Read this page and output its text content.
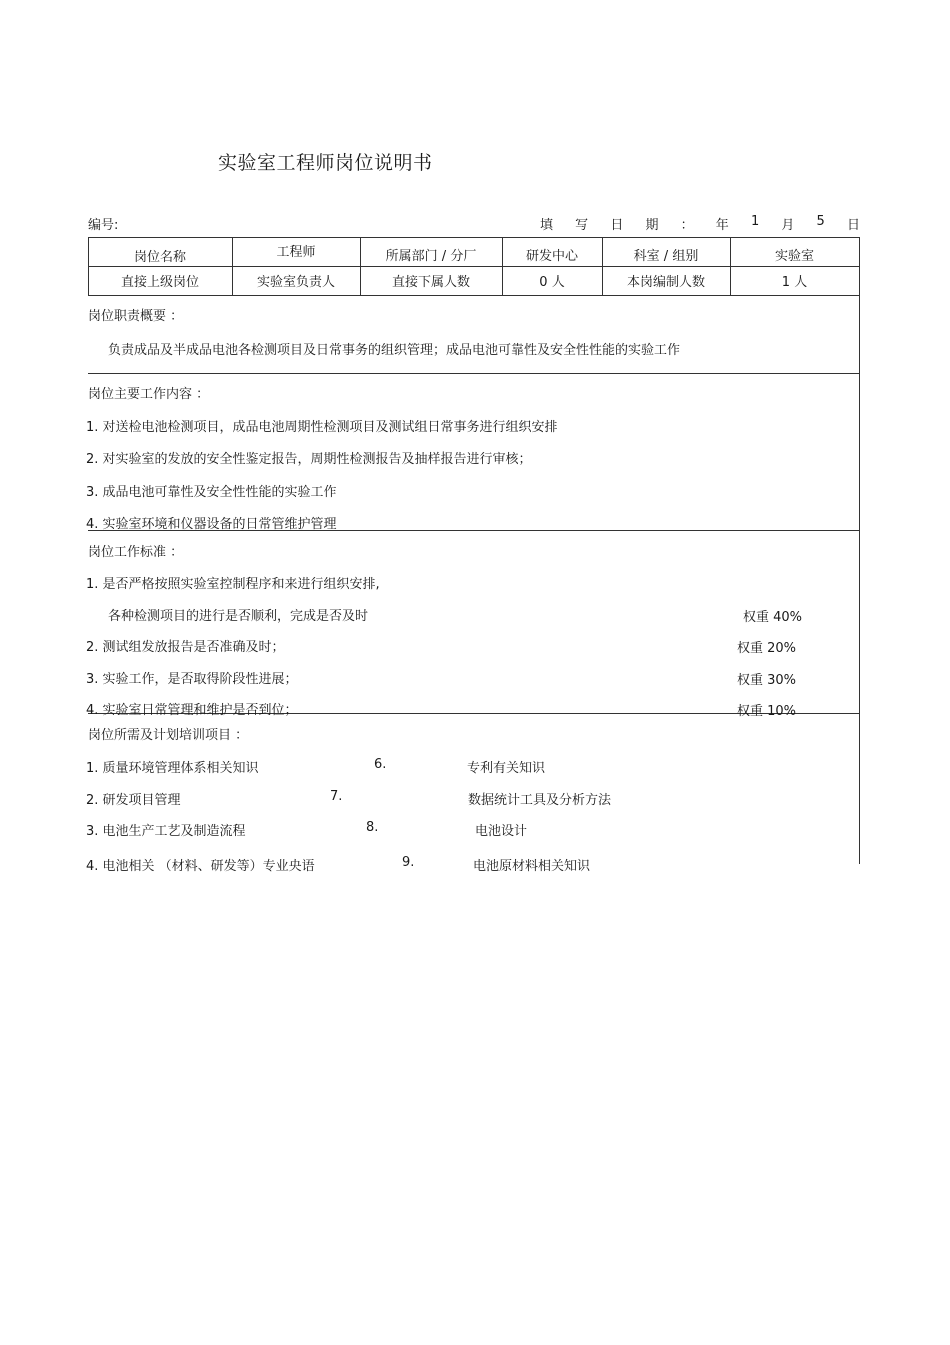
实验室工程师岗位说明书
编号:	填 写 日 期 ： 年 1 月 5 日
岗位名称	工程师	所属部门 / 分厂	研发中心	科室 / 组别	实验室
直接上级岗位	实验室负责人	直接下属人数	0 人	本岗编制人数	1 人
岗位职责概要 ：
负责成品及半成品电池各检测项目及日常事务的组织管理；成品电池可靠性及安全性性能的实验工作
岗位主要工作内容 ：
1. 对送检电池检测项目，成品电池周期性检测项目及测试组日常事务进行组织安排
2. 对实验室的发放的安全性鉴定报告，周期性检测报告及抽样报告进行审核；
3. 成品电池可靠性及安全性性能的实验工作
4. 实验室环境和仪器设备的日常管维护管理
岗位工作标准 ：
1. 是否严格按照实验室控制程序和来进行组织安排,
各种检测项目的进行是否顺利，完成是否及时	权重 40%
2. 测试组发放报告是否准确及时；	权重 20%
3. 实验工作，是否取得阶段性进展；	权重 30%
4. 实验室日常管理和维护是否到位；	权重 10%
岗位所需及计划培训项目 ：
1. 质量环境管理体系相关知识	6.	专利有关知识
2. 研发项目管理	7.	数据统计工具及分析方法
3. 电池生产工艺及制造流程	8.	电池设计
4. 电池相关 （材料、研发等）专业央语	9.	电池原材料相关知识
